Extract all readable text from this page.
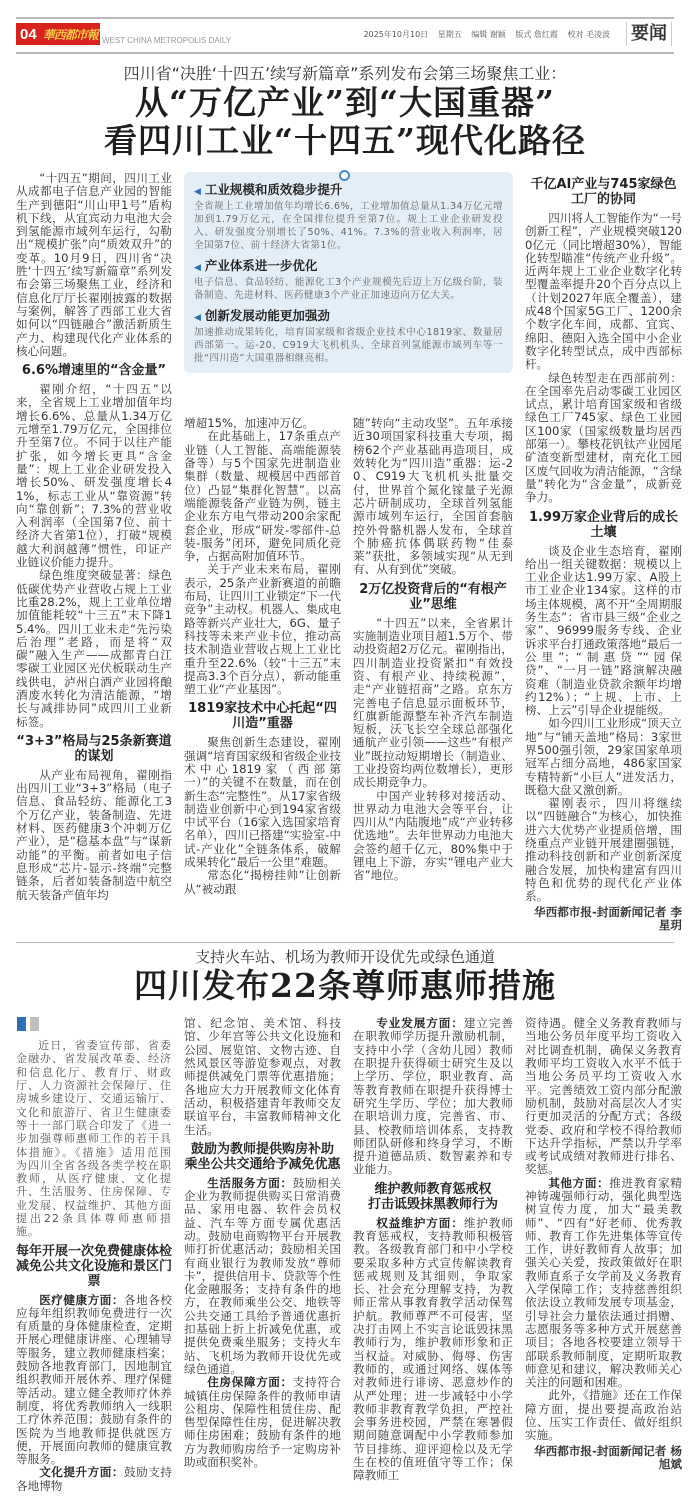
04 華西都市報 WEST CHINA METROPOLIS DAILY
2025年10月10日 星期五 编辑 谢颖 版式 詹红霞 校对 毛凌波 要闻
四川省“决胜‘十四五’续写新篇章”系列发布会第三场聚焦工业：
从“万亿产业”到“大国重器”
看四川工业“十四五”现代化路径

“十四五”期间，四川工业从成都电子信息产业园的智能生产到德阳“川山甲1号”盾构机下线，从宜宾动力电池大会到氢能源市域列车运行，勾勒出“规模扩张”向“质效双升”的变革。10月9日，四川省“决胜‘十四五’续写新篇章”系列发布会第三场聚焦工业，经济和信息化厅厅长翟刚披露的数据与案例，解答了西部工业大省如何以“四链融合”激活新质生产力、构建现代化产业体系的核心问题。

6.6%增速里的“含金量”

翟刚介绍，“十四五”以来，全省规上工业增加值年均增长6.6%、总量从1.34万亿元增至1.79万亿元，全国排位升至第7位。不同于以往产能扩张，如今增长更具“含金量”：规上工业企业研发投入增长50%、研发强度增长41%，标志工业从“靠资源”转向“靠创新”；7.3%的营业收入利润率（全国第7位、前十经济大省第1位），打破“规模越大利润越薄”惯性，印证产业链议价能力提升。

绿色维度突破显著：绿色低碳优势产业营收占规上工业比重28.2%，规上工业单位增加值能耗较“十三五”末下降15.4%。四川工业未走“先污染后治理”老路，而是将“双碳”融入生产——成都青白江零碳工业园区光伏板联动生产线供电，泸州白酒产业园将酿酒废水转化为清洁能源，“增长与减排协同”成四川工业新标签。

“3+3”格局与25条新赛道的谋划

从产业布局视角，翟刚指出四川工业“3+3”格局（电子信息、食品轻纺、能源化工3个万亿产业，装备制造、先进材料、医药健康3个冲刺万亿产业），是“稳基本盘”与“谋新动能”的平衡。前者如电子信息形成“芯片-显示-终端”完整链条，后者如装备制造中航空航天装备产值年均

◀ 工业规模和质效稳步提升
全省规上工业增加值年均增长6.6%，工业增加值总量从1.34万亿元增加到1.79万亿元，在全国排位提升至第7位。规上工业企业研发投入、研发强度分别增长了50%、41%。7.3%的营业收入利润率，居全国第7位、前十经济大省第1位。
◀ 产业体系进一步优化
电子信息、食品轻纺、能源化工3个产业规模先后迈上万亿级台阶，装备制造、先进材料、医药健康3个产业正加速迈向万亿大关。
◀ 创新发展动能更加强劲
加速推动成果转化，培育国家级和省级企业技术中心1819家、数量居西部第一。运-20、C919大飞机机头、全球首列氢能源市域列车等一批“四川造”大国重器相继亮相。

增超15%，加速冲万亿。

在此基础上，17条重点产业链（人工智能、高端能源装备等）与5个国家先进制造业集群（数量、规模居中西部首位）凸显“集群化智慧”。以高端能源装备产业链为例，链主企业东方电气带动200余家配套企业，形成“研发-零部件-总装-服务”闭环，避免同质化竞争，占据高附加值环节。

关于产业未来布局，翟刚表示，25条产业新赛道的前瞻布局，让四川工业锁定“下一代竞争”主动权。机器人、集成电路等新兴产业壮大，6G、量子科技等未来产业卡位，推动高技术制造业营收占规上工业比重升至22.6%（较“十三五”末提高3.3个百分点），新动能重塑工业“产业基因”。

1819家技术中心托起“四川造”重器

聚焦创新生态建设，翟刚强调“培育国家级和省级企业技术中心1819家（西部第一）”的关键不在数量，而在创新生态“完整性”。从17家省级制造业创新中心到194家省级中试平台（16家入选国家培育名单），四川已搭建“实验室-中试-产业化”全链条体系，破解成果转化“最后一公里”难题。

常态化“揭榜挂帅”让创新从“被动跟

随”转向“主动攻坚”。五年承接近30项国家科技重大专项，揭榜62个产业基础再造项目，成效转化为“四川造”重器：运-20、C919大飞机机头批量交付，世界首个氮化镓量子光源芯片研制成功，全球首列氢能源市域列车运行，全国首套脑控外骨骼机器人发布，全球首个肺癌抗体偶联药物“佳泰莱”获批，多领域实现“从无到有、从有到优”突破。

2万亿投资背后的“有根产业”思维

“十四五”以来，全省累计实施制造业项目超1.5万个、带动投资超2万亿元。翟刚指出，四川制造业投资紧扣“有效投资、有根产业、持续税源”，走“产业链招商”之路。京东方完善电子信息显示面板环节，红旗新能源整车补齐汽车制造短板，沃飞长空全球总部强化通航产业引领——这些“有根产业”既拉动短期增长（制造业、工业投资均两位数增长），更形成长期竞争力。

中国产业转移对接活动、世界动力电池大会等平台，让四川从“内陆腹地”成“产业转移优选地”。去年世界动力电池大会签约超千亿元，80%集中于锂电上下游，夯实“锂电产业大省”地位。

千亿AI产业与745家绿色工厂的协同

四川将人工智能作为“一号创新工程”，产业规模突破1200亿元（同比增超30%），智能化转型瞄准“传统产业升级”。近两年规上工业企业数字化转型覆盖率提升20个百分点以上（计划2027年底全覆盖），建成48个国家5G工厂、1200余个数字化车间，成都、宜宾、绵阳、德阳入选全国中小企业数字化转型试点，成中西部标杆。

绿色转型走在西部前列：在全国率先启动零碳工业园区试点，累计培育国家级和省级绿色工厂745家、绿色工业园区100家（国家级数量均居西部第一）。攀枝花钒钛产业园尾矿渣变新型建材，南充化工园区废气回收为清洁能源，“含绿量”转化为“含金量”，成新竞争力。

1.99万家企业背后的成长土壤

谈及企业生态培育，翟刚给出一组关键数据：规模以上工业企业达1.99万家、A股上市工业企业134家。这样的市场主体规模，离不开“全周期服务生态”：省市县三级“企业之家”、96999服务专线、企业诉求平台打通政策落地“最后一公里”；“制惠贷”“园保贷”、“一月一链”路演解决融资难（制造业贷款余额年均增约12%）；“上规、上市、上榜、上云”引导企业提能级。

如今四川工业形成“顶天立地”与“铺天盖地”格局：3家世界500强引领，29家国家单项冠军占细分高地，486家国家专精特新“小巨人”迸发活力，既稳大盘又激创新。

翟刚表示，四川将继续以“四链融合”为核心，加快推进六大优势产业提质倍增，围绕重点产业链开展建圈强链，推动科技创新和产业创新深度融合发展，加快构建富有四川特色和优势的现代化产业体系。

华西都市报-封面新闻记者 李星玥

支持火车站、机场为教师开设优先或绿色通道
四川发布22条尊师惠师措施

近日，省委宣传部、省委金融办、省发展改革委、经济和信息化厅、教育厅、财政厅、人力资源社会保障厅、住房城乡建设厅、交通运输厅、文化和旅游厅、省卫生健康委等十一部门联合印发了《进一步加强尊师惠师工作的若干具体措施》。《措施》适用范围为四川全省各级各类学校在职教师，从医疗健康、文化提升、生活服务、住房保障、专业发展、权益维护、其他方面提出22条具体尊师惠师措施。

每年开展一次免费健康体检
减免公共文化设施和景区门票

医疗健康方面：各地各校应每年组织教师免费进行一次有质量的身体健康检查，定期开展心理健康讲座、心理辅导等服务，建立教师健康档案；鼓励各地教育部门，因地制宜组织教师开展休养、理疗保健等活动。建立健全教师疗休养制度，将优秀教师纳入一线职工疗休养范围；鼓励有条件的医院为当地教师提供就医方便，开展面向教师的健康宣教等服务。

文化提升方面：鼓励支持各地博物

馆、纪念馆、美术馆、科技馆、少年宫等公共文化设施和公园、展览馆、文物古迹、自然风景区等游览参观点，对教师提供减免门票等优惠措施；各地应大力开展教师文化体育活动，积极搭建青年教师交友联谊平台，丰富教师精神文化生活。

鼓励为教师提供购房补助
乘坐公共交通给予减免优惠

生活服务方面：鼓励相关企业为教师提供购买日常消费品、家用电器、软件会员权益、汽车等方面专属优惠活动。鼓励电商购物平台开展教师打折优惠活动；鼓励相关国有商业银行为教师发放“尊师卡”，提供信用卡、贷款等个性化金融服务；支持有条件的地方，在教师乘坐公交、地铁等公共交通工具给予普通优惠折扣基础上折上折减免优惠，或提供免费乘坐服务；支持火车站、飞机场为教师开设优先或绿色通道。

住房保障方面：支持符合城镇住房保障条件的教师申请公租房、保障性租赁住房、配售型保障性住房，促进解决教师住房困难；鼓励有条件的地方为教师购房给予一定购房补助或面积奖补。

专业发展方面：建立完善在职教师学历提升激励机制，支持中小学（含幼儿园）教师在职提升获得硕士研究生及以上学历、学位，职业教育、高等教育教师在职提升获得博士研究生学历、学位；加大教师在职培训力度，完善省、市、县、校教师培训体系，支持教师团队研修和终身学习，不断提升道德品质、数智素养和专业能力。

维护教师教育惩戒权
打击诋毁抹黑教师行为

权益维护方面：维护教师教育惩戒权，支持教师积极管教。各级教育部门和中小学校要采取多种方式宣传解读教育惩戒规则及其细则，争取家长、社会充分理解支持，为教师正常从事教育教学活动保驾护航。教师尊严不可侵害，坚决打击网上不实言论诋毁抹黑教师行为，维护教师形象和正当权益。对威胁、侮辱、伤害教师的，或通过网络、媒体等对教师进行诽谤、恶意炒作的从严处理；进一步减轻中小学教师非教育教学负担，严控社会事务进校园，严禁在寒暑假期间随意调配中小学教师参加节目排练、迎评迎检以及无学生在校的值班值守等工作；保障教师工

资待遇。健全义务教育教师与当地公务员年度平均工资收入对比调查机制，确保义务教育教师平均工资收入水平不低于当地公务员平均工资收入水平。完善绩效工资内部分配激励机制，鼓励对高层次人才实行更加灵活的分配方式；各级党委、政府和学校不得给教师下达升学指标，严禁以升学率或考试成绩对教师进行排名、奖惩。

其他方面：推进教育家精神铸魂强师行动，强化典型选树宣传力度，加大“最美教师”、“四有”好老师、优秀教师、教育工作先进集体等宣传工作，讲好教师育人故事；加强关心关爱，按政策做好在职教师直系子女学前及义务教育入学保障工作；支持慈善组织依法设立教师发展专项基金，引导社会力量依法通过捐赠、志愿服务等多种方式开展慈善项目；各地各校要建立领导干部联系教师制度，定期听取教师意见和建议，解决教师关心关注的问题和困难。

此外，《措施》还在工作保障方面，提出要提高政治站位、压实工作责任、做好组织实施。

华西都市报-封面新闻记者 杨旭斌
